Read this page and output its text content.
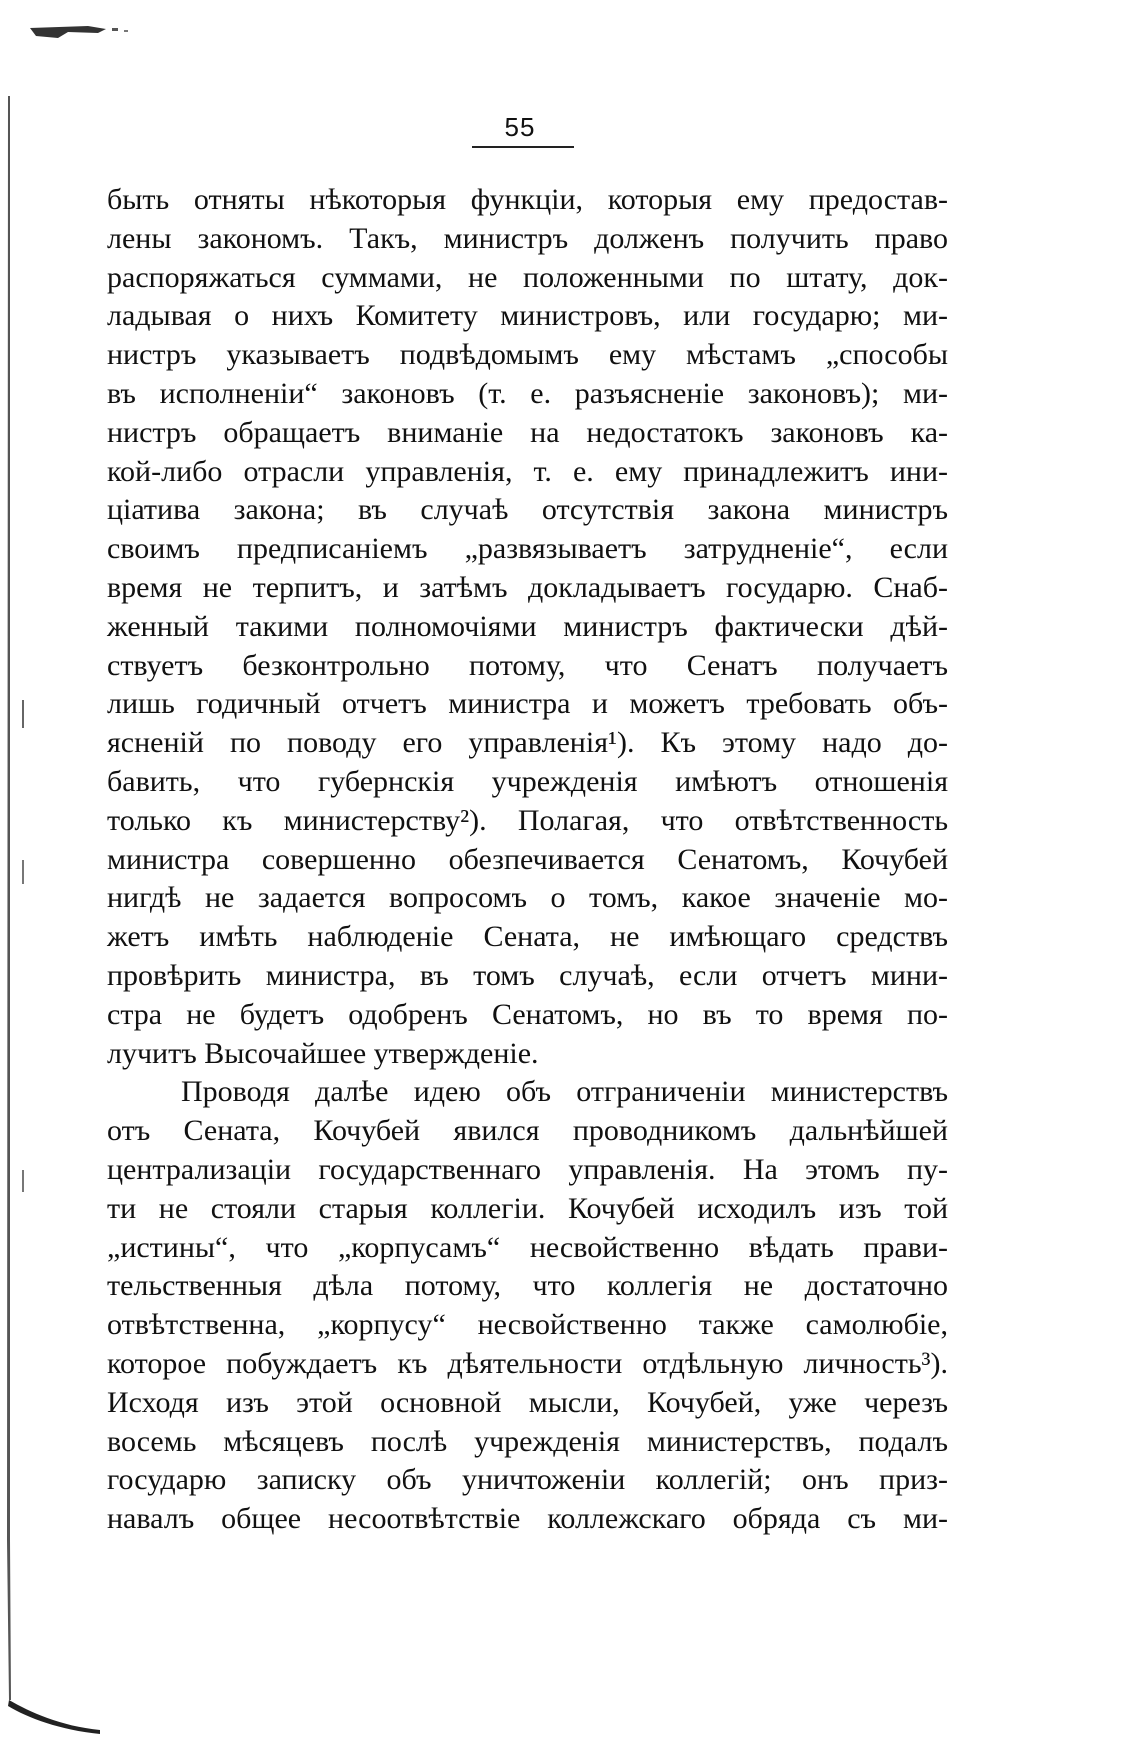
55
быть отняты нѣкоторыя функціи, которыя ему предостав-
лены закономъ. Такъ, министръ долженъ получить право
распоряжаться суммами, не положенными по штату, док-
ладывая о нихъ Комитету министровъ, или государю; ми-
нистръ указываетъ подвѣдомымъ ему мѣстамъ „способы
въ исполненіи“ законовъ (т. е. разъясненіе законовъ); ми-
нистръ обращаетъ вниманіе на недостатокъ законовъ ка-
кой-либо отрасли управленія, т. е. ему принадлежитъ ини-
ціатива закона; въ случаѣ отсутствія закона министръ
своимъ предписаніемъ „развязываетъ затрудненіе“, если
время не терпитъ, и затѣмъ докладываетъ государю. Снаб-
женный такими полномочіями министръ фактически дѣй-
ствуетъ безконтрольно потому, что Сенатъ получаетъ
лишь годичный отчетъ министра и можетъ требовать объ-
ясненій по поводу его управленія¹). Къ этому надо до-
бавить, что губернскія учрежденія имѣютъ отношенія
только къ министерству²). Полагая, что отвѣтственность
министра совершенно обезпечивается Сенатомъ, Кочубей
нигдѣ не задается вопросомъ о томъ, какое значеніе мо-
жетъ имѣть наблюденіе Сената, не имѣющаго средствъ
провѣрить министра, въ томъ случаѣ, если отчетъ мини-
стра не будетъ одобренъ Сенатомъ, но въ то время по-
лучитъ Высочайшее утвержденіе.
Проводя далѣе идею объ отграниченіи министерствъ
отъ Сената, Кочубей явился проводникомъ дальнѣйшей
централизаціи государственнаго управленія. На этомъ пу-
ти не стояли старыя коллегіи. Кочубей исходилъ изъ той
„истины“, что „корпусамъ“ несвойственно вѣдать прави-
тельственныя дѣла потому, что коллегія не достаточно
отвѣтственна, „корпусу“ несвойственно также самолюбіе,
которое побуждаетъ къ дѣятельности отдѣльную личность³).
Исходя изъ этой основной мысли, Кочубей, уже черезъ
восемь мѣсяцевъ послѣ учрежденія министерствъ, подалъ
государю записку объ уничтоженіи коллегій; онъ приз-
навалъ общее несоотвѣтствіе коллежскаго обряда съ ми-
